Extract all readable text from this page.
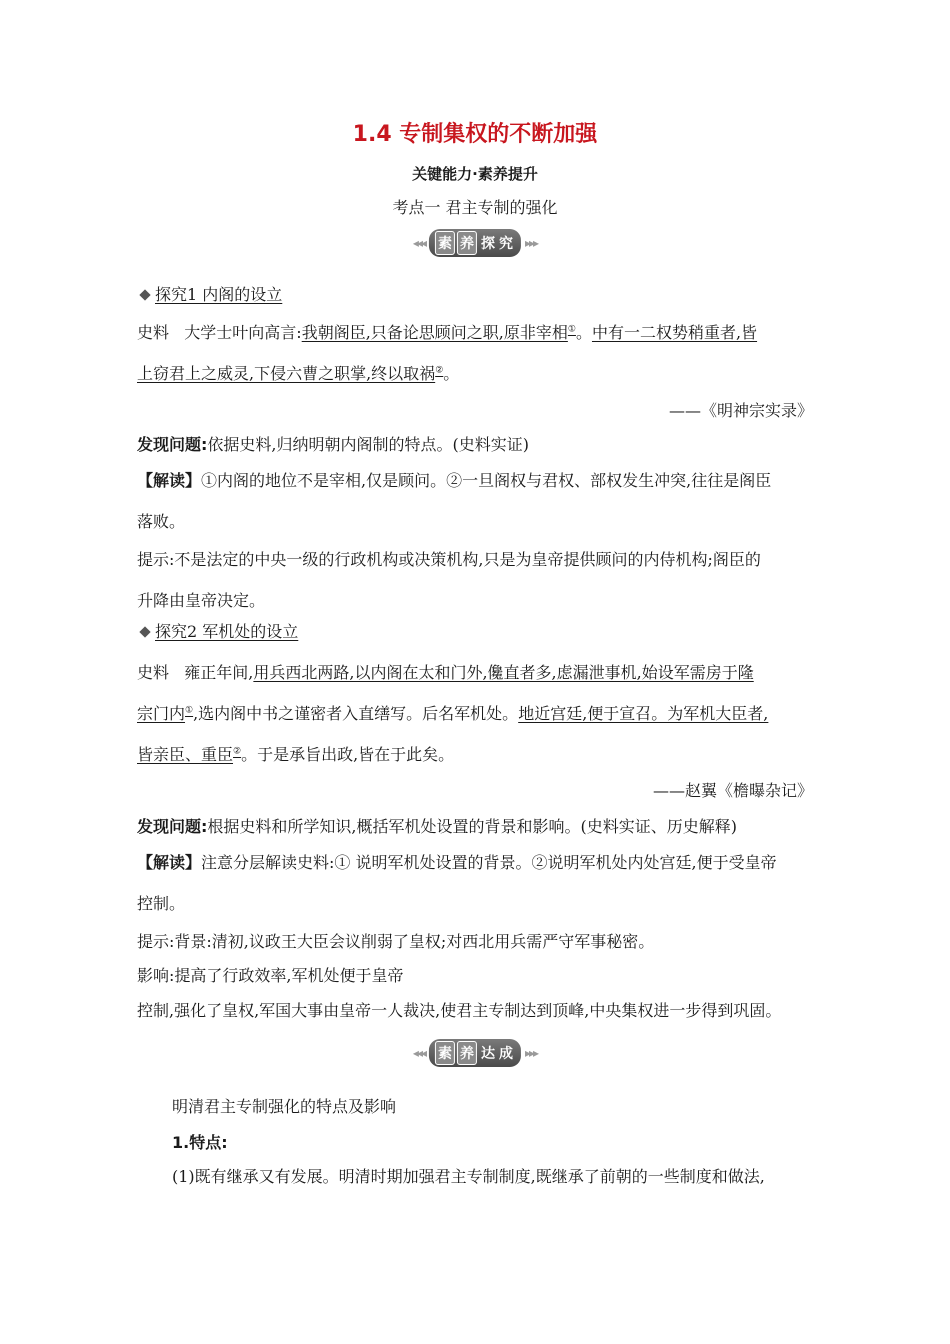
1.4 专制集权的不断加强
关键能力·素养提升
考点一 君主专制的强化
◂◂◂ 素 养 探 究 ▸▸▸
探究1 内阁的设立
史料 大学士叶向高言:我朝阁臣,只备论思顾问之职,原非宰相①。中有一二权势稍重者,皆
上窃君上之威灵,下侵六曹之职掌,终以取祸②。
——《明神宗实录》
发现问题:依据史料,归纳明朝内阁制的特点。(史料实证)
【解读】①内阁的地位不是宰相,仅是顾问。②一旦阁权与君权、部权发生冲突,往往是阁臣
落败。
提示:不是法定的中央一级的行政机构或决策机构,只是为皇帝提供顾问的内侍机构;阁臣的
升降由皇帝决定。
探究2 军机处的设立
史料 雍正年间,用兵西北两路,以内阁在太和门外,儳直者多,虑漏泄事机,始设军需房于隆
宗门内①,选内阁中书之谨密者入直缮写。后名军机处。地近宫廷,便于宣召。为军机大臣者,
皆亲臣、重臣②。于是承旨出政,皆在于此矣。
——赵翼《檐曝杂记》
发现问题:根据史料和所学知识,概括军机处设置的背景和影响。(史料实证、历史解释)
【解读】注意分层解读史料:① 说明军机处设置的背景。②说明军机处内处宫廷,便于受皇帝
控制。
提示:背景:清初,议政王大臣会议削弱了皇权;对西北用兵需严守军事秘密。
影响:提高了行政效率,军机处便于皇帝
控制,强化了皇权,军国大事由皇帝一人裁决,使君主专制达到顶峰,中央集权进一步得到巩固。
◂◂◂ 素 养 达 成 ▸▸▸
明清君主专制强化的特点及影响
1.特点:
(1)既有继承又有发展。明清时期加强君主专制制度,既继承了前朝的一些制度和做法,
